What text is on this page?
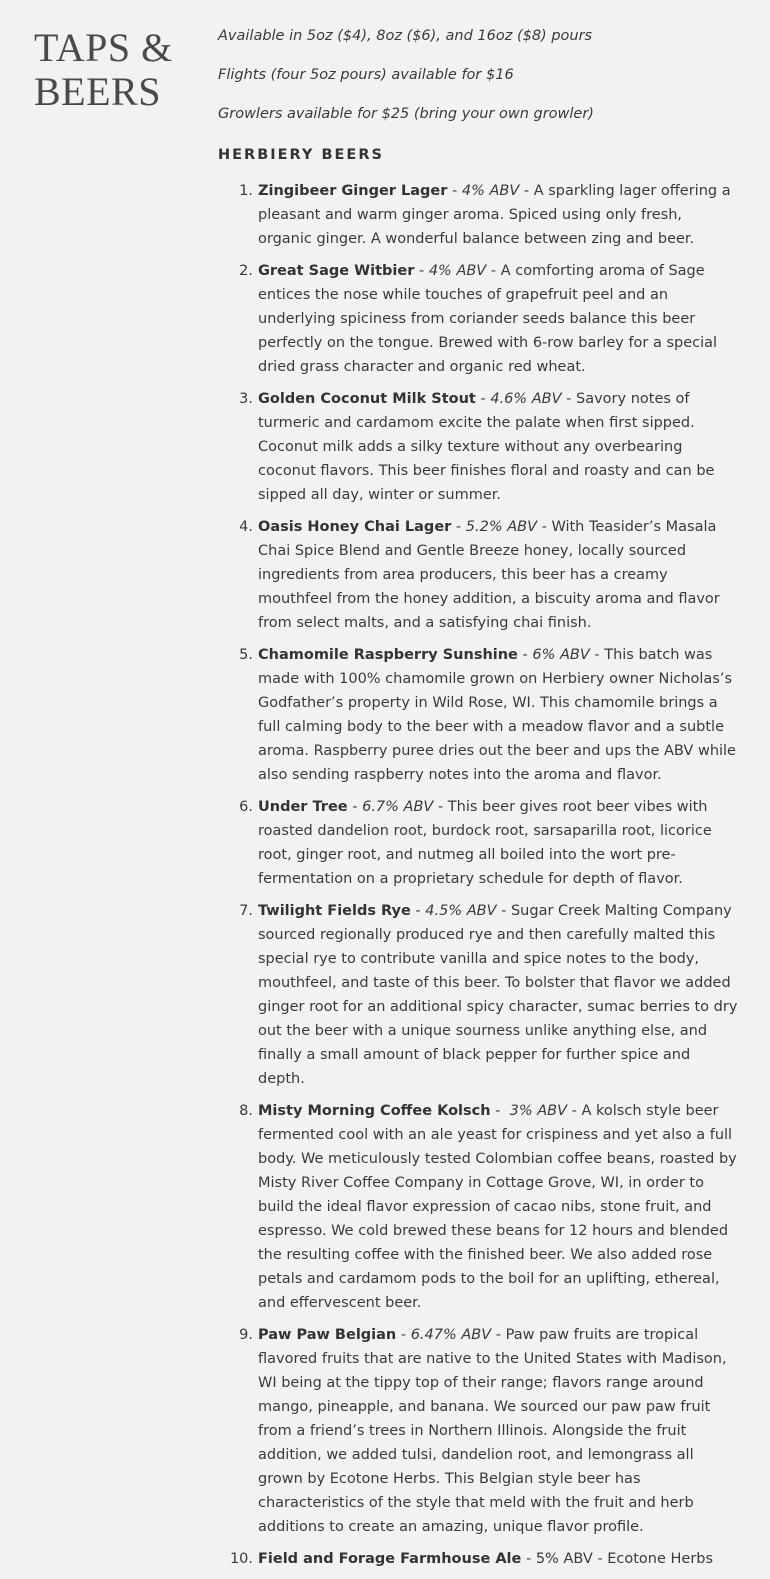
TAPS & BEERS

Available in 5oz ($4), 8oz ($6), and 16oz ($8) pours

Flights (four 5oz pours) available for $16

Growlers available for $25 (bring your own growler)

HERBIERY BEERS
Zingibeer Ginger Lager - 4% ABV - A sparkling lager offering a pleasant and warm ginger aroma. Spiced using only fresh, organic ginger. A wonderful balance between zing and beer.
Great Sage Witbier - 4% ABV - A comforting aroma of Sage entices the nose while touches of grapefruit peel and an underlying spiciness from coriander seeds balance this beer perfectly on the tongue. Brewed with 6-row barley for a special dried grass character and organic red wheat.
Golden Coconut Milk Stout - 4.6% ABV - Savory notes of turmeric and cardamom excite the palate when first sipped. Coconut milk adds a silky texture without any overbearing coconut flavors. This beer finishes floral and roasty and can be sipped all day, winter or summer.
Oasis Honey Chai Lager - 5.2% ABV - With Teasider’s Masala Chai Spice Blend and Gentle Breeze honey, locally sourced ingredients from area producers, this beer has a creamy mouthfeel from the honey addition, a biscuity aroma and flavor from select malts, and a satisfying chai finish.
Chamomile Raspberry Sunshine - 6% ABV - This batch was made with 100% chamomile grown on Herbiery owner Nicholas’s Godfather’s property in Wild Rose, WI. This chamomile brings a full calming body to the beer with a meadow flavor and a subtle aroma. Raspberry puree dries out the beer and ups the ABV while also sending raspberry notes into the aroma and flavor.
Under Tree - 6.7% ABV - This beer gives root beer vibes with roasted dandelion root, burdock root, sarsaparilla root, licorice root, ginger root, and nutmeg all boiled into the wort pre-fermentation on a proprietary schedule for depth of flavor.
Twilight Fields Rye - 4.5% ABV - Sugar Creek Malting Company sourced regionally produced rye and then carefully malted this special rye to contribute vanilla and spice notes to the body, mouthfeel, and taste of this beer. To bolster that flavor we added ginger root for an additional spicy character, sumac berries to dry out the beer with a unique sourness unlike anything else, and finally a small amount of black pepper for further spice and depth.
Misty Morning Coffee Kolsch -  3% ABV - A kolsch style beer fermented cool with an ale yeast for crispiness and yet also a full body. We meticulously tested Colombian coffee beans, roasted by Misty River Coffee Company in Cottage Grove, WI, in order to build the ideal flavor expression of cacao nibs, stone fruit, and espresso. We cold brewed these beans for 12 hours and blended the resulting coffee with the finished beer. We also added rose petals and cardamom pods to the boil for an uplifting, ethereal, and effervescent beer.
Paw Paw Belgian - 6.47% ABV - Paw paw fruits are tropical flavored fruits that are native to the United States with Madison, WI being at the tippy top of their range; flavors range around mango, pineapple, and banana. We sourced our paw paw fruit from a friend’s trees in Northern Illinois. Alongside the fruit addition, we added tulsi, dandelion root, and lemongrass all grown by Ecotone Herbs. This Belgian style beer has characteristics of the style that meld with the fruit and herb additions to create an amazing, unique flavor profile.
Field and Forage Farmhouse Ale - 5% ABV - Ecotone Herbs
